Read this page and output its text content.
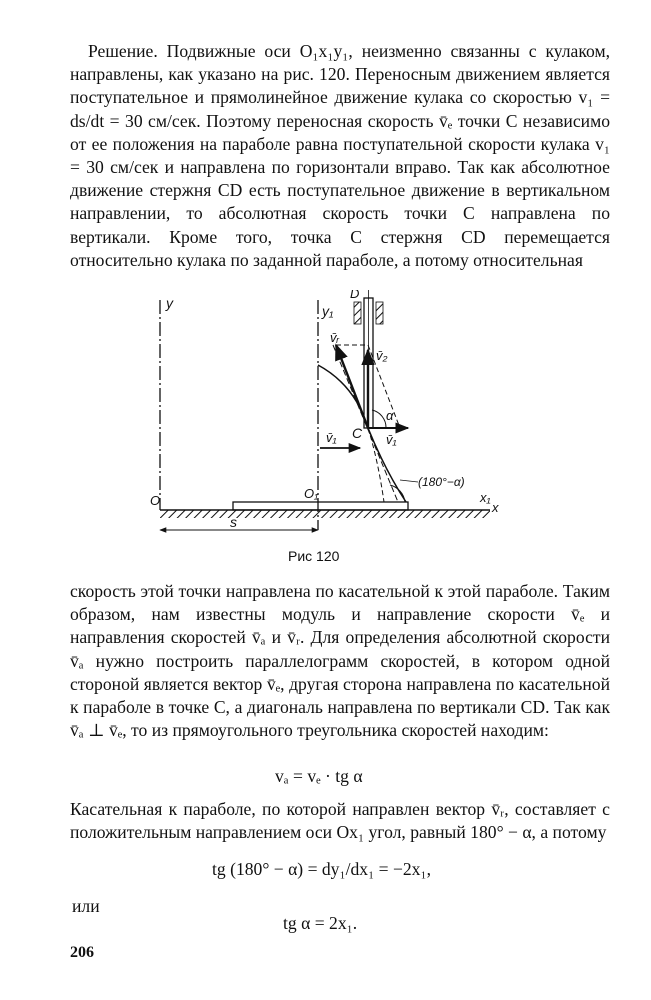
Решение. Подвижные оси O₁x₁y₁, неизменно связанны с кулаком, направлены, как указано на рис. 120. Переносным движением является поступательное и прямолинейное движение кулака со скоростью v₁ = ds/dt = 30 см/сек. Поэтому переносная скорость v̄ₑ точки C независимо от ее положения на параболе равна поступательной скорости кулака v₁ = 30 см/сек и направлена по горизонтали вправо. Так как абсолютное движение стержня CD есть поступательное движение в вертикальном направлении, то абсолютная скорость точки C направлена по вертикали. Кроме того, точка C стержня CD перемещается относительно кулака по заданной параболе, а потому относительная

y	y₁
D
v̄ᵣ
v̄₂
α
C v̄₁
v̄₁
(180°−α)
O	O₁	x₁
x
s
Рис 120

скорость этой точки направлена по касательной к этой параболе. Таким образом, нам известны модуль и направление скорости v̄ₑ и направления скоростей v̄ₐ и v̄ᵣ. Для определения абсолютной скорости v̄ₐ нужно построить параллелограмм скоростей, в котором одной стороной является вектор v̄ₑ, другая сторона направлена по касательной к параболе в точке C, а диагональ направлена по вертикали CD. Так как v̄ₐ ⊥ v̄ₑ, то из прямоугольного треугольника скоростей находим:

vₐ = vₑ · tg α

Касательная к параболе, по которой направлен вектор v̄ᵣ, составляет с положительным направлением оси Ox₁ угол, равный 180° − α, а потому

tg (180° − α) = dy₁/dx₁ = −2x₁,
или
tg α = 2x₁.
206
